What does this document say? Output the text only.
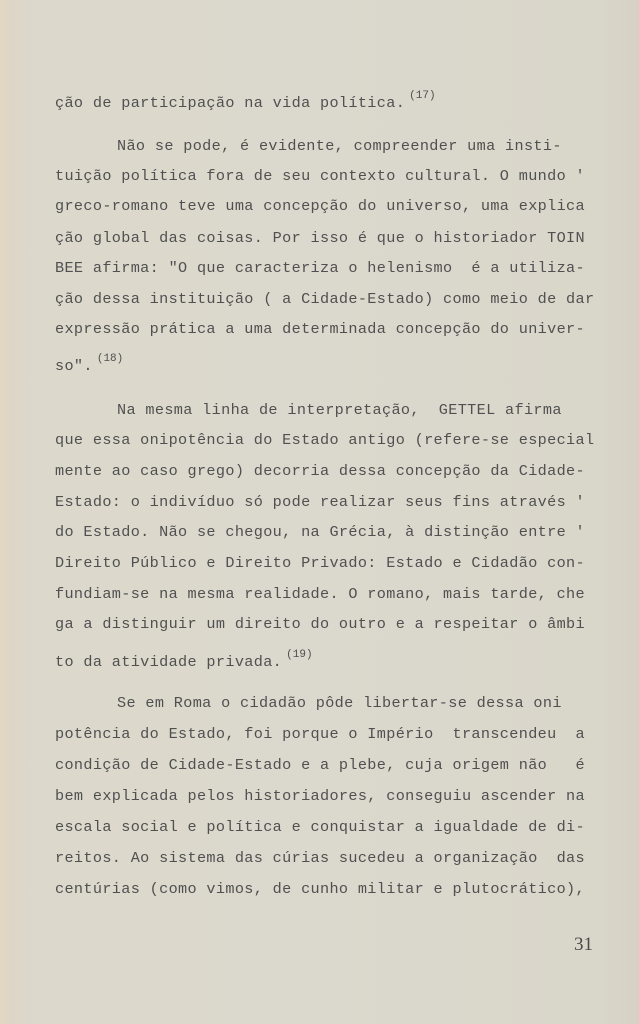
ção de participação na vida política. $^{(17)}$
Não se pode, é evidente, compreender uma insti-
tuição política fora de seu contexto cultural. O mundo '
greco-romano teve uma concepção do universo, uma explica
ção global das coisas. Por isso é que o historiador TOIN
BEE afirma: "O que caracteriza o helenismo  é a utiliza-
ção dessa instituição ( a Cidade-Estado) como meio de dar
expressão prática a uma determinada concepção do univer-
so". $^{(18)}$
Na mesma linha de interpretação,  GETTEL afirma
que essa onipotência do Estado antigo (refere-se especial
mente ao caso grego) decorria dessa concepção da Cidade-
Estado: o indivíduo só pode realizar seus fins através '
do Estado. Não se chegou, na Grécia, à distinção entre '
Direito Público e Direito Privado: Estado e Cidadão con-
fundiam-se na mesma realidade. O romano, mais tarde, che
ga a distinguir um direito do outro e a respeitar o âmbi
to da atividade privada. $^{(19)}$
Se em Roma o cidadão pôde libertar-se dessa oni
potência do Estado, foi porque o Império  transcendeu  a
condição de Cidade-Estado e a plebe, cuja origem não   é
bem explicada pelos historiadores, conseguiu ascender na
escala social e política e conquistar a igualdade de di-
reitos. Ao sistema das cúrias sucedeu a organização  das
centúrias (como vimos, de cunho militar e plutocrático),
31
